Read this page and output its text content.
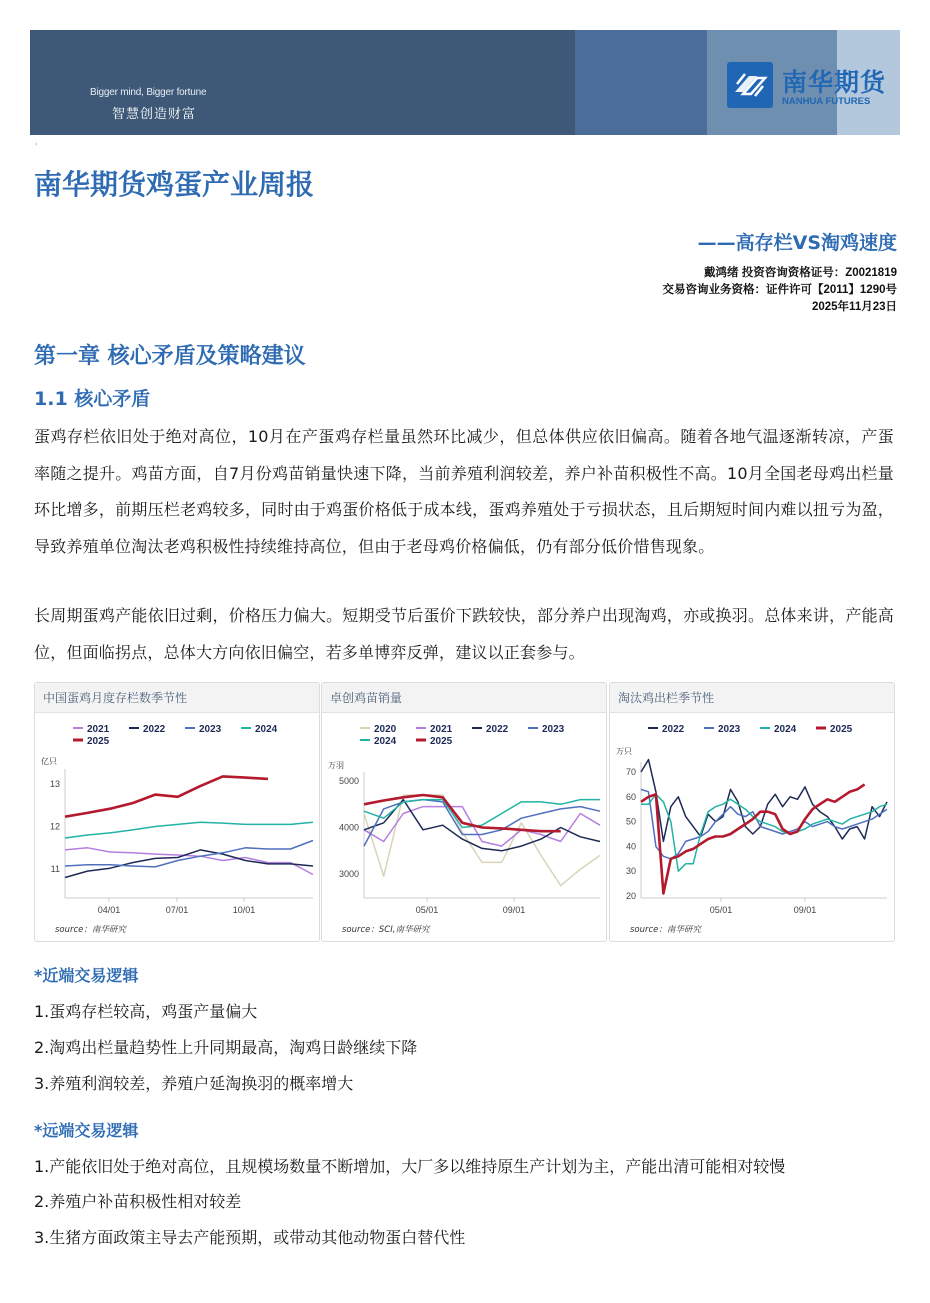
Bigger mind, Bigger fortune
智慧创造财富
南华期货
NANHUA FUTURES
·
南华期货鸡蛋产业周报
——高存栏VS淘鸡速度
戴鸿绪 投资咨询资格证号：Z0021819
交易咨询业务资格：证件许可【2011】1290号
2025年11月23日
第一章 核心矛盾及策略建议
1.1 核心矛盾
蛋鸡存栏依旧处于绝对高位，10月在产蛋鸡存栏量虽然环比减少，但总体供应依旧偏高。随着各地气温逐渐转凉，产蛋率随之提升。鸡苗方面，自7月份鸡苗销量快速下降，当前养殖利润较差，养户补苗积极性不高。10月全国老母鸡出栏量环比增多，前期压栏老鸡较多，同时由于鸡蛋价格低于成本线，蛋鸡养殖处于亏损状态，且后期短时间内难以扭亏为盈，导致养殖单位淘汰老鸡积极性持续维持高位，但由于老母鸡价格偏低，仍有部分低价惜售现象。
长周期蛋鸡产能依旧过剩，价格压力偏大。短期受节后蛋价下跌较快，部分养户出现淘鸡，亦或换羽。总体来讲，产能高位，但面临拐点，总体大方向依旧偏空，若多单博弈反弹，建议以正套参与。
中国蛋鸡月度存栏数季节性
2021	2022	2023	2024
2025
亿只
11
12
13
04/01	07/01	10/01
source：南华研究
卓创鸡苗销量
2020	2021	2022	2023
2024	2025
万羽
3000
4000
5000
05/01	09/01
source：SCI,南华研究
淘汰鸡出栏季节性
2022	2023	2024	2025
万只
20
30
40
50
60
70
05/01	09/01
source：南华研究
*近端交易逻辑
1.蛋鸡存栏较高，鸡蛋产量偏大
2.淘鸡出栏量趋势性上升同期最高，淘鸡日龄继续下降
3.养殖利润较差，养殖户延淘换羽的概率增大
*远端交易逻辑
1.产能依旧处于绝对高位，且规模场数量不断增加，大厂多以维持原生产计划为主，产能出清可能相对较慢
2.养殖户补苗积极性相对较差
3.生猪方面政策主导去产能预期，或带动其他动物蛋白替代性
